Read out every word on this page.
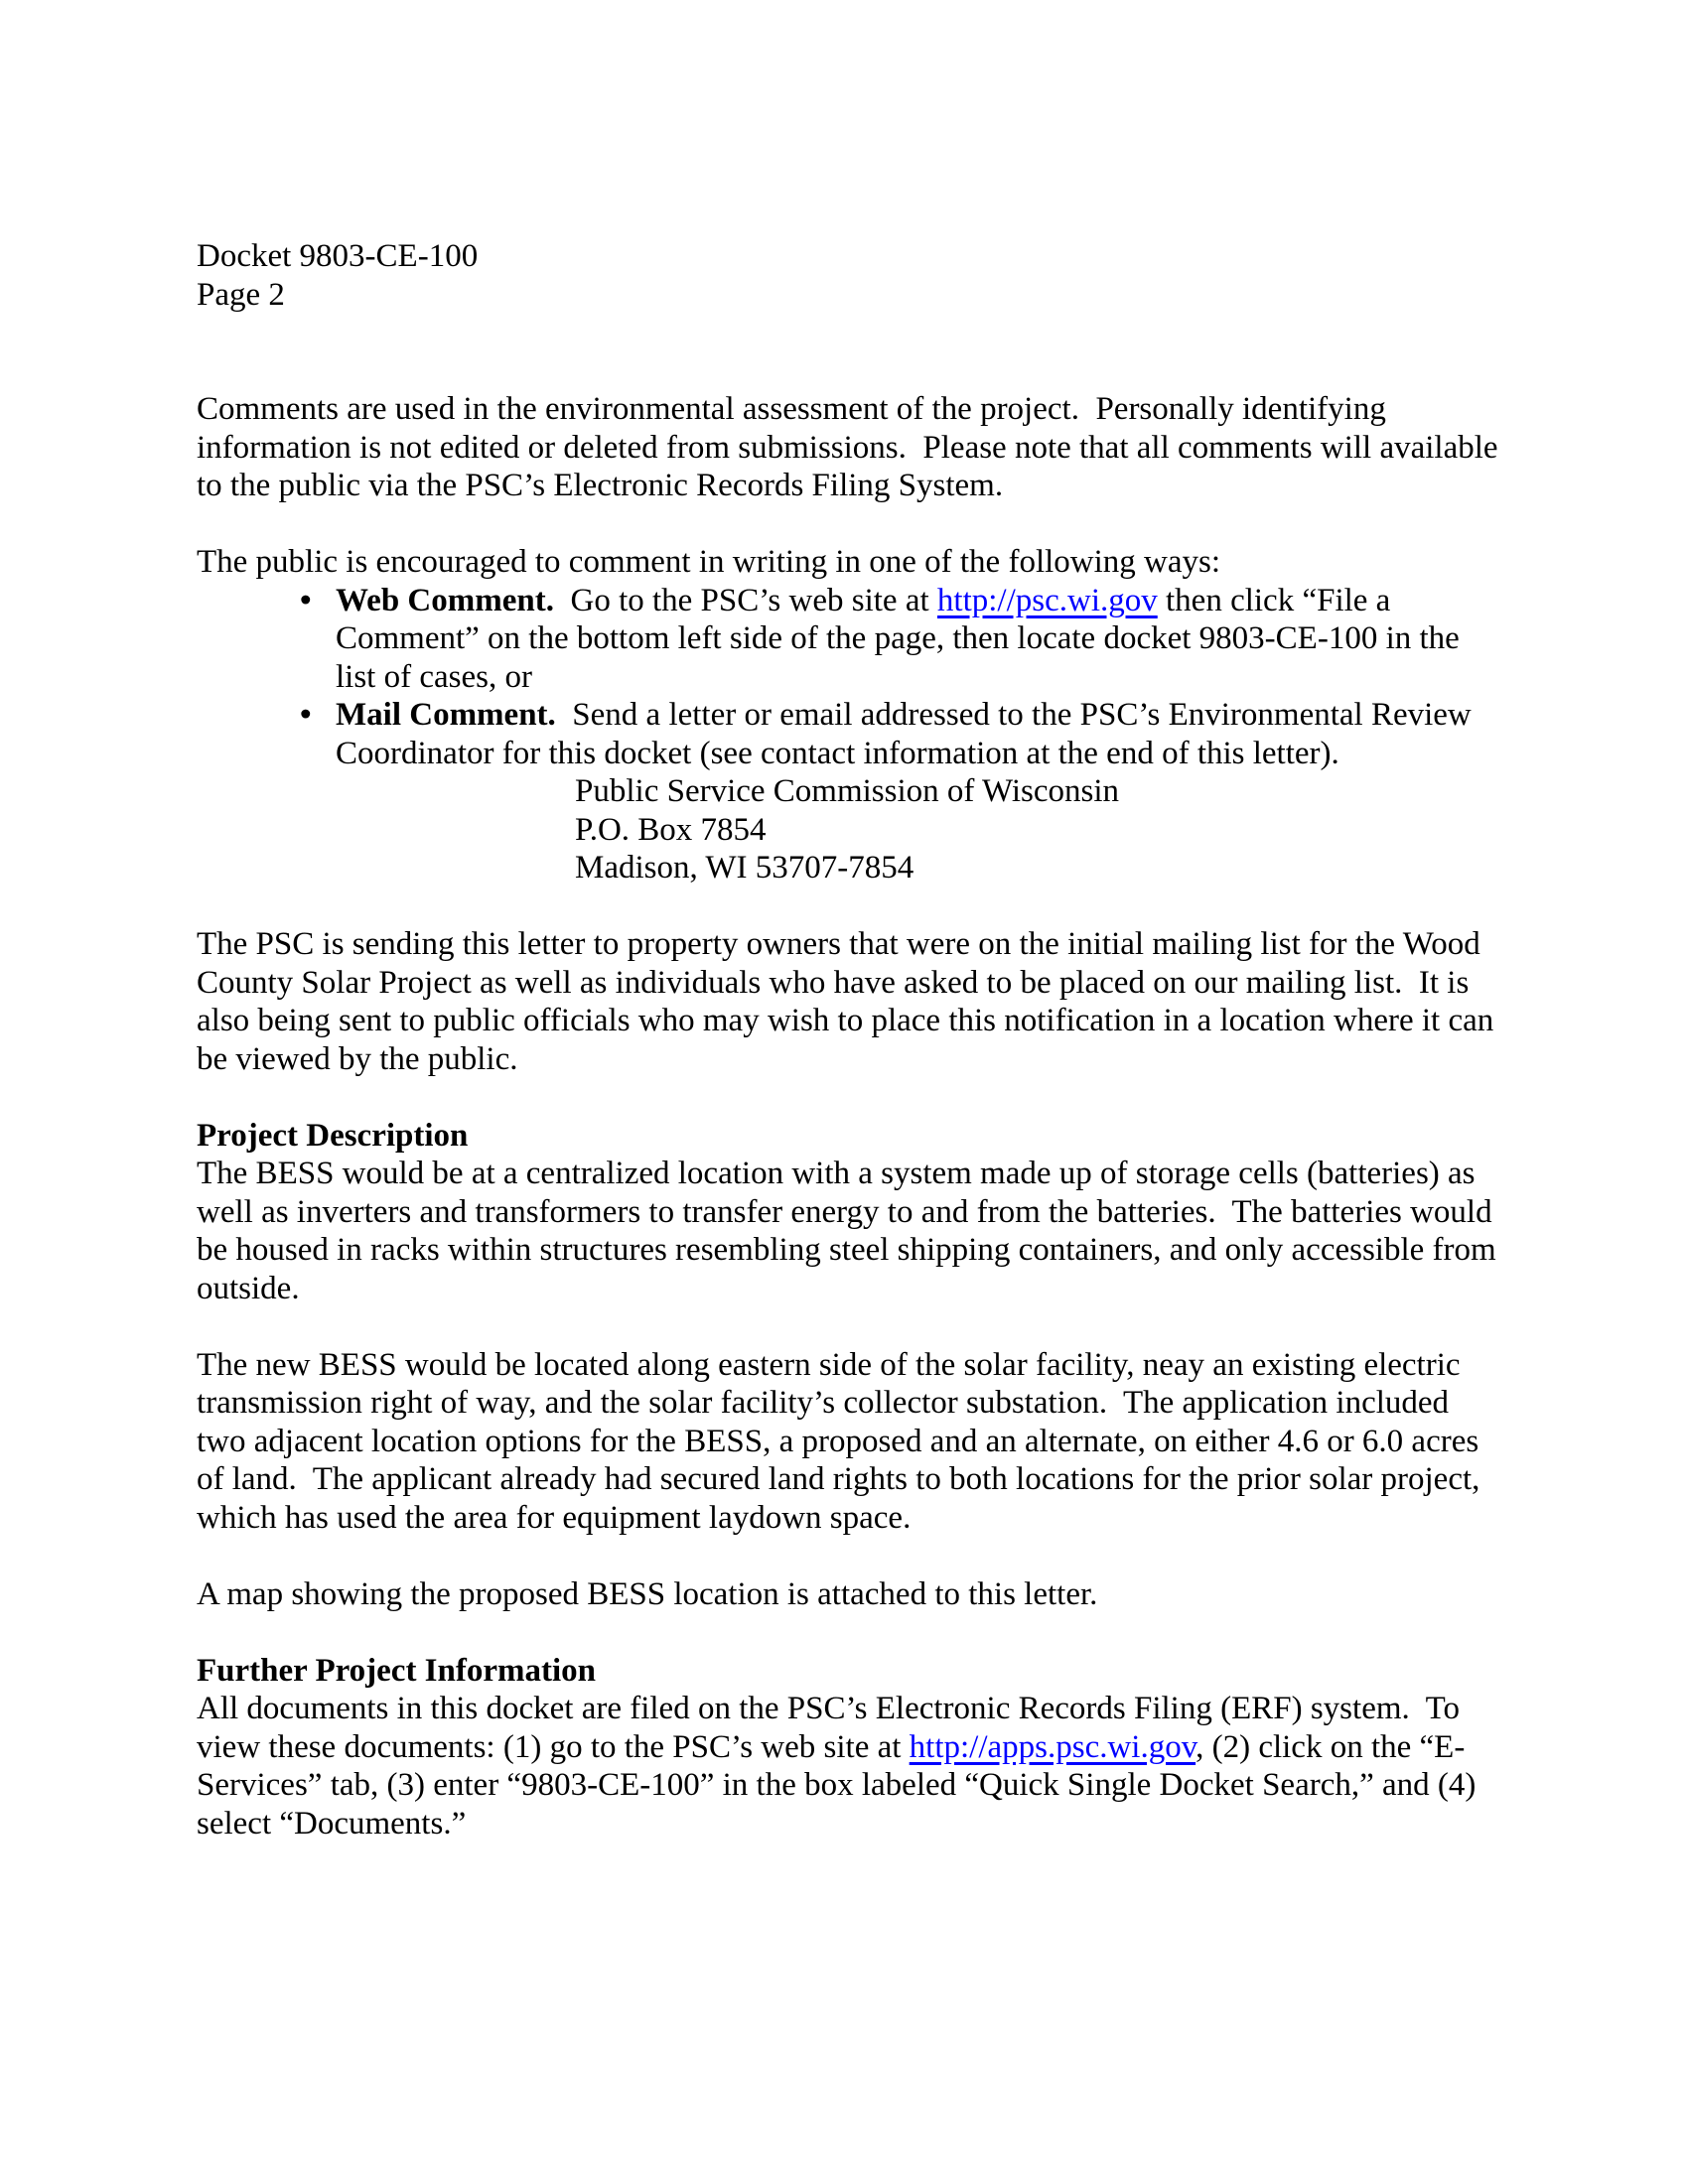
Docket 9803-CE-100
Page 2

Comments are used in the environmental assessment of the project.  Personally identifying information is not edited or deleted from submissions.  Please note that all comments will available to the public via the PSC’s Electronic Records Filing System.

The public is encouraged to comment in writing in one of the following ways:

• Web Comment.  Go to the PSC’s web site at http://psc.wi.gov then click “File a Comment” on the bottom left side of the page, then locate docket 9803-CE-100 in the list of cases, or
• Mail Comment.  Send a letter or email addressed to the PSC’s Environmental Review Coordinator for this docket (see contact information at the end of this letter).
Public Service Commission of Wisconsin
P.O. Box 7854
Madison, WI 53707-7854

The PSC is sending this letter to property owners that were on the initial mailing list for the Wood County Solar Project as well as individuals who have asked to be placed on our mailing list.  It is also being sent to public officials who may wish to place this notification in a location where it can be viewed by the public.

Project Description

The BESS would be at a centralized location with a system made up of storage cells (batteries) as well as inverters and transformers to transfer energy to and from the batteries.  The batteries would be housed in racks within structures resembling steel shipping containers, and only accessible from outside.

The new BESS would be located along eastern side of the solar facility, neay an existing electric transmission right of way, and the solar facility’s collector substation.  The application included two adjacent location options for the BESS, a proposed and an alternate, on either 4.6 or 6.0 acres of land.  The applicant already had secured land rights to both locations for the prior solar project, which has used the area for equipment laydown space.

A map showing the proposed BESS location is attached to this letter.

Further Project Information

All documents in this docket are filed on the PSC’s Electronic Records Filing (ERF) system.  To view these documents: (1) go to the PSC’s web site at http://apps.psc.wi.gov, (2) click on the “E-Services” tab, (3) enter “9803-CE-100” in the box labeled “Quick Single Docket Search,” and (4) select “Documents.”
